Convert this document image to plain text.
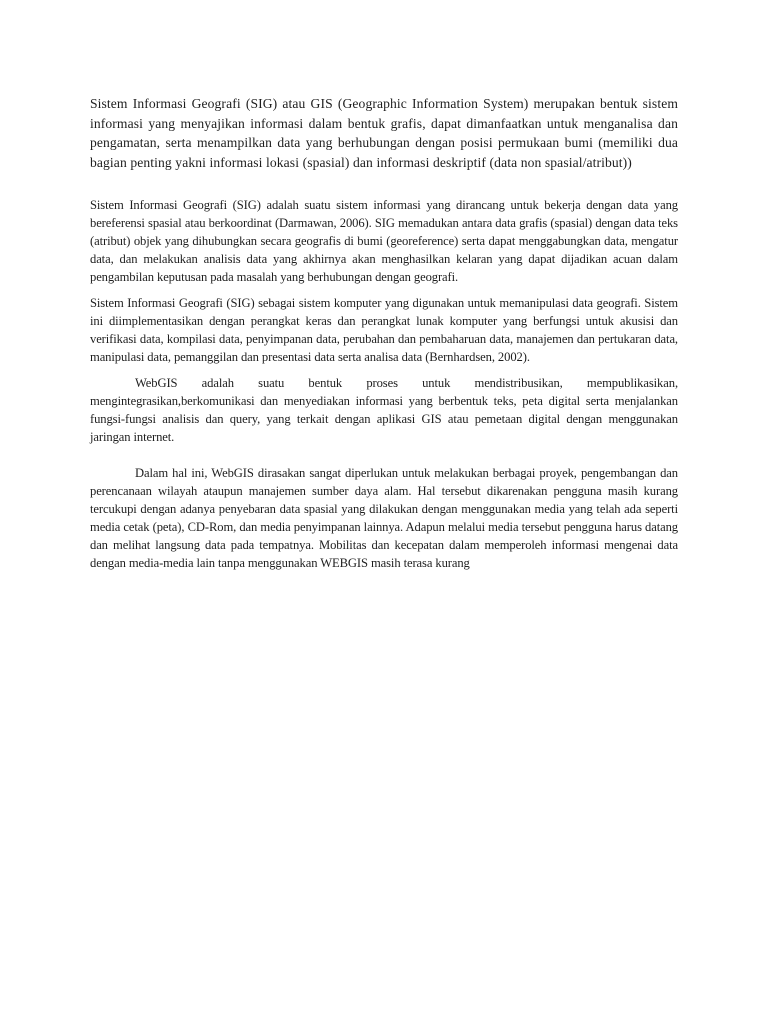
Sistem Informasi Geografi (SIG) atau GIS (Geographic Information System) merupakan bentuk sistem informasi yang menyajikan informasi dalam bentuk grafis, dapat dimanfaatkan untuk menganalisa dan pengamatan, serta menampilkan data yang berhubungan dengan posisi permukaan bumi (memiliki dua bagian penting yakni informasi lokasi (spasial) dan informasi deskriptif (data non spasial/atribut))

Sistem Informasi Geografi (SIG) adalah suatu sistem informasi yang dirancang untuk bekerja dengan data yang bereferensi spasial atau berkoordinat (Darmawan, 2006). SIG memadukan antara data grafis (spasial) dengan data teks (atribut) objek yang dihubungkan secara geografis di bumi (georeference) serta dapat menggabungkan data, mengatur data, dan melakukan analisis data yang akhirnya akan menghasilkan kelaran yang dapat dijadikan acuan dalam pengambilan keputusan pada masalah yang berhubungan dengan geografi.

Sistem Informasi Geografi (SIG) sebagai sistem komputer yang digunakan untuk memanipulasi data geografi. Sistem ini diimplementasikan dengan perangkat keras dan perangkat lunak komputer yang berfungsi untuk akusisi dan verifikasi data, kompilasi data, penyimpanan data, perubahan dan pembaharuan data, manajemen dan pertukaran data, manipulasi data, pemanggilan dan presentasi data serta analisa data (Bernhardsen, 2002).

WebGIS adalah suatu bentuk proses untuk mendistribusikan, mempublikasikan, mengintegrasikan,berkomunikasi dan menyediakan informasi yang berbentuk teks, peta digital serta menjalankan fungsi-fungsi analisis dan query, yang terkait dengan aplikasi GIS atau pemetaan digital dengan menggunakan jaringan internet.

Dalam hal ini, WebGIS dirasakan sangat diperlukan untuk melakukan berbagai proyek, pengembangan dan perencanaan wilayah ataupun manajemen sumber daya alam. Hal tersebut dikarenakan pengguna masih kurang tercukupi dengan adanya penyebaran data spasial yang dilakukan dengan menggunakan media yang telah ada seperti media cetak (peta), CD-Rom, dan media penyimpanan lainnya. Adapun melalui media tersebut pengguna harus datang dan melihat langsung data pada tempatnya. Mobilitas dan kecepatan dalam memperoleh informasi mengenai data dengan media-media lain tanpa menggunakan WEBGIS masih terasa kurang
